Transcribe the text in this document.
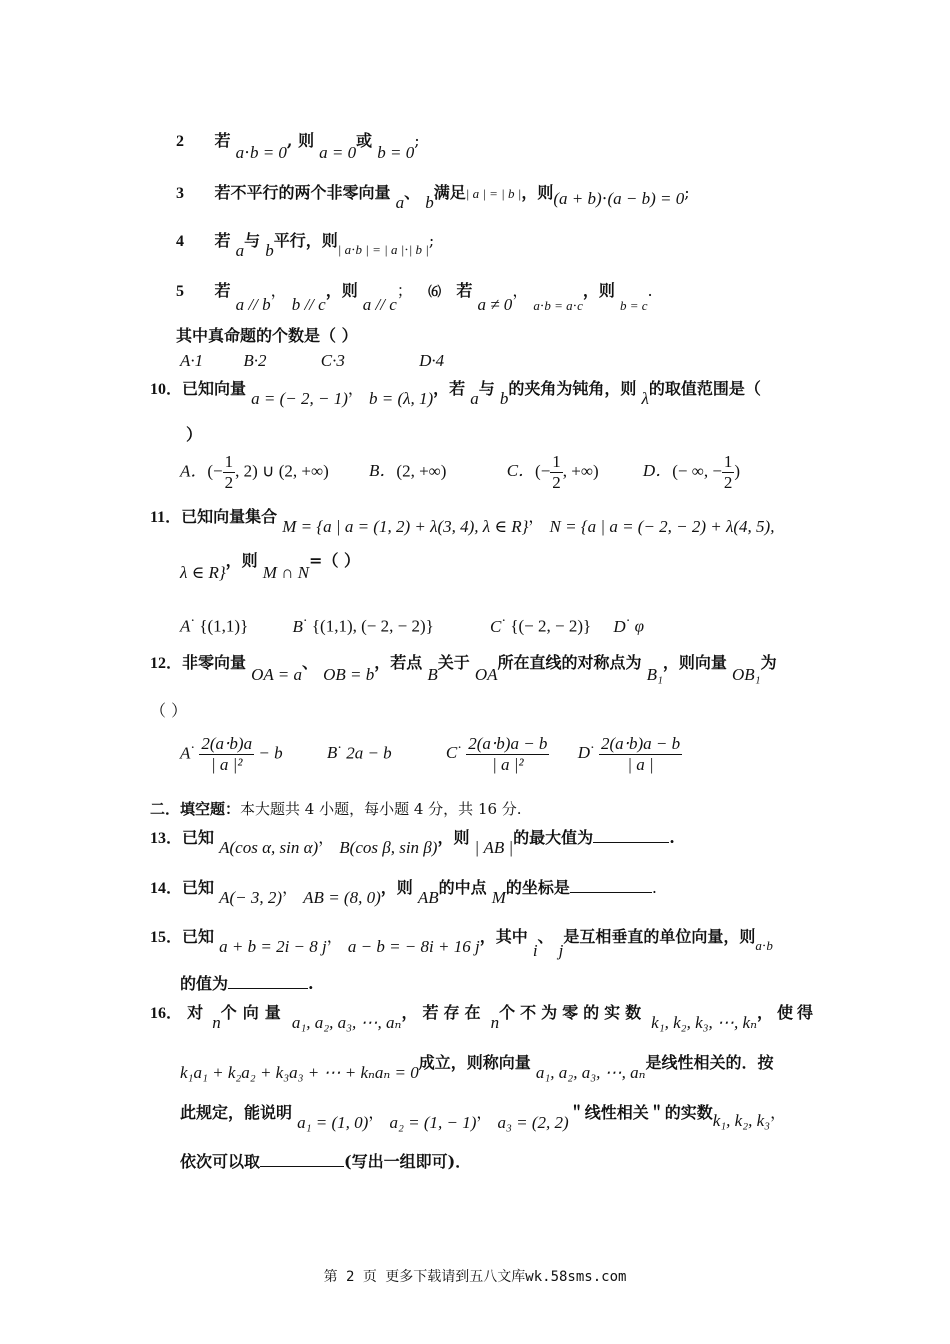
2 若 a⋅b = 0, 则 a = 0或 b = 0;
3 若不平行的两个非零向量 a、 b满足| a | = | b |，则(a + b)⋅(a − b) = 0;
4 若 a与 b平行，则$_{| a\cdot b | = | a |\cdot| b |}$;
5 若 a // b， b // c，则 a // c； ⑹ 若 a ≠ 0， $_{a\cdot b = a\cdot c}$，则 $_{b = c}$.
其中真命题的个数是（ ）
A·1 B·2	C·3	D·4
10．已知向量 a = (− 2, − 1)， b = (λ, 1)，若 a与 b的夹角为钝角，则 λ的取值范围是（
）
A．(− $\frac{1}{2}$ , 2) ∪ (2, +∞) B．(2, +∞)	C．(− $\frac{1}{2}$ , +∞)	D．(− ∞, − $\frac{1}{2}$ )
11．已知向量集合 M = {a | a = (1, 2) + λ(3, 4), λ ∈ R}， N = {a | a = (− 2, − 2) + λ(4, 5),
λ ∈ R}，则 M ∩ N=（ ）
A· {(1,1)}	B· {(1,1), (− 2, − 2)}	C· {(− 2, − 2)} D· φ
12．非零向量 OA = a、 OB = b，若点 B关于 OA所在直线的对称点为 B₁，则向量 OB₁为
（ ）
$A^\cdot \frac{2(a\cdot b)a}{\text{| a |²}} - b$	B· 2a − b	$C^\cdot \frac{2(a\cdot b)a - b}{\text{| a |²}} D^\cdot \frac{2(a\cdot b)a - b}{| a |}$
二．填空题：本大题共 4 小题，每小题 4 分，共 16 分.
13．已知 A(cos α, sin α)， B(cos β, sin β)，则 | AB |的最大值为	.
14．已知 A(− 3, 2)， AB = (8, 0)，则 AB的中点 M的坐标是	.
15．已知 a + b = 2i − 8 j， a − b = − 8i + 16 j，其中 i、 j是互相垂直的单位向量，则$_{a\cdot b}$
的值为	.
16． 对 n个向量 a₁, a₂, a₃, ⋯, aₙ，若存在 n个不为零的实数 k₁, k₂, k₃, ⋯, kₙ，使得
k₁a₁ + k₂a₂ + k₃a₃ + ⋯ + kₙaₙ = 0成立，则称向量 a₁, a₂, a₃, ⋯, aₙ是线性相关的．按
此规定，能说明 a₁ = (1, 0)， a₂ = (1, − 1)， a₃ = (2, 2)＂线性相关＂的实数k₁, k₂, k₃，
依次可以取	(写出一组即可)．
第 2 页 更多下载请到五八文库wk.58sms.com
